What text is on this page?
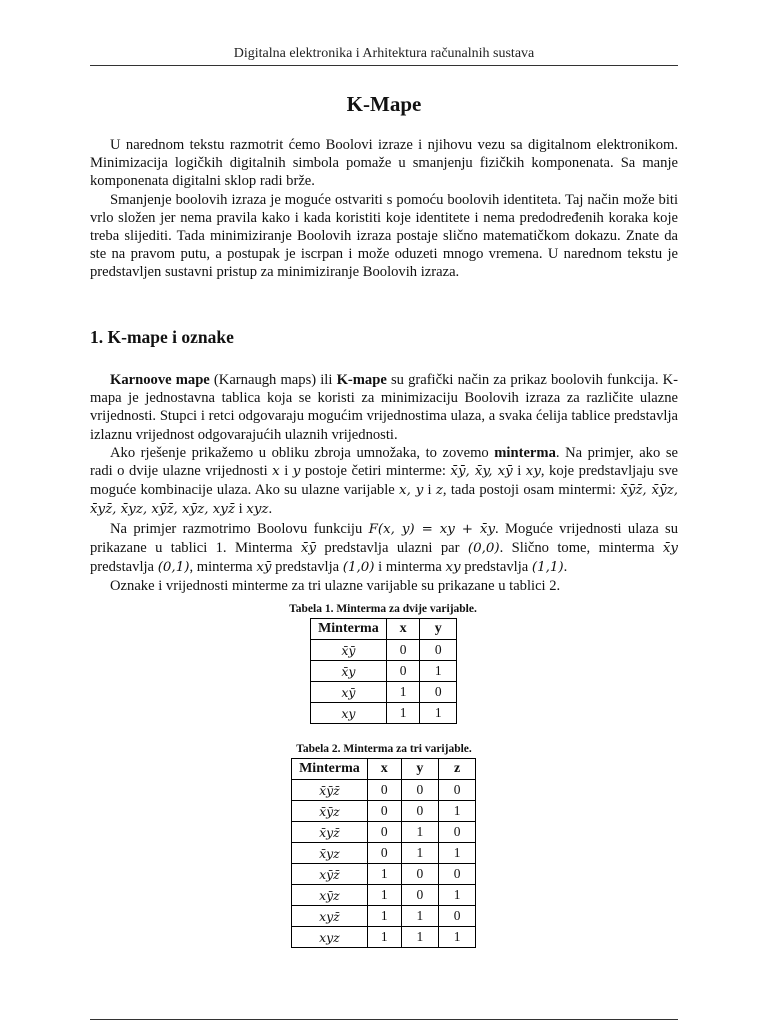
Digitalna elektronika i Arhitektura računalnih sustava
K-Mape

U narednom tekstu razmotrit ćemo Boolovi izraze i njihovu vezu sa digitalnom elektronikom. Minimizacija logičkih digitalnih simbola pomaže u smanjenju fizičkih komponenata. Sa manje komponenata digitalni sklop radi brže.

Smanjenje boolovih izraza je moguće ostvariti s pomoću boolovih identiteta. Taj način može biti vrlo složen jer nema pravila kako i kada koristiti koje identitete i nema predodređenih koraka koje treba slijediti. Tada minimiziranje Boolovih izraza postaje slično matematičkom dokazu. Znate da ste na pravom putu, a postupak je iscrpan i može oduzeti mnogo vremena. U narednom tekstu je predstavljen sustavni pristup za minimiziranje Boolovih izraza.

1. K-mape i oznake

Karnoove mape (Karnaugh maps) ili K-mape su grafički način za prikaz boolovih funkcija. K-mapa je jednostavna tablica koja se koristi za minimizaciju Boolovih izraza za različite ulazne vrijednosti. Stupci i retci odgovaraju mogućim vrijednostima ulaza, a svaka ćelija tablice predstavlja izlaznu vrijednost odgovarajućih ulaznih vrijednosti.

Ako rješenje prikažemo u obliku zbroja umnožaka, to zovemo minterma. Na primjer, ako se radi o dvije ulazne vrijednosti x i y postoje četiri minterme: x̄ȳ, x̄y, xȳ i xy, koje predstavljaju sve moguće kombinacije ulaza. Ako su ulazne varijable x, y i z, tada postoji osam mintermi: x̄ȳz̄, x̄ȳz, x̄yz̄, x̄yz, xȳz̄, xȳz, xyz̄ i xyz.

Na primjer razmotrimo Boolovu funkciju F(x, y) = xy + x̄y. Moguće vrijednosti ulaza su prikazane u tablici 1. Minterma x̄ȳ predstavlja ulazni par (0,0). Slično tome, minterma x̄y predstavlja (0,1), minterma xȳ predstavlja (1,0) i minterma xy predstavlja (1,1).

Oznake i vrijednosti minterme za tri ulazne varijable su prikazane u tablici 2.

Tabela 1. Minterma za dvije varijable.
Minterma	x	y
x̄ȳ	0	0
x̄y	0	1
xȳ	1	0
xy	1	1
Tabela 2. Minterma za tri varijable.
Minterma	x	y	z
x̄ȳz̄	0	0	0
x̄ȳz	0	0	1
x̄yz̄	0	1	0
x̄yz	0	1	1
xȳz̄	1	0	0
xȳz	1	0	1
xyz̄	1	1	0
xyz	1	1	1
